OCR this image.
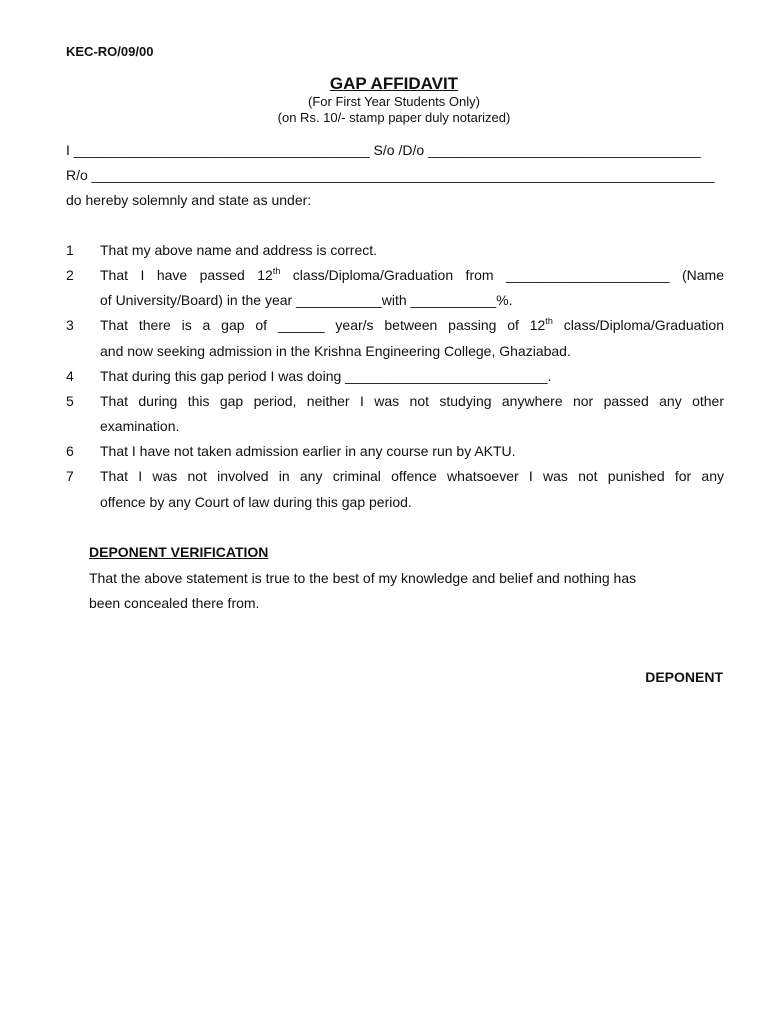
KEC-RO/09/00
GAP AFFIDAVIT
(For First Year Students Only)
(on Rs. 10/- stamp paper duly notarized)
I ______________________________________ S/o /D/o ___________________________________
R/o ________________________________________________________________________________
do hereby solemnly and state as under:
1 That my above name and address is correct.
2 That I have passed 12th class/Diploma/Graduation from _____________________ (Name
of University/Board) in the year ___________with ___________%.
3 That there is a gap of ______ year/s between passing of 12th class/Diploma/Graduation
and now seeking admission in the Krishna Engineering College, Ghaziabad.
4 That during this gap period I was doing __________________________.
5 That during this gap period, neither I was not studying anywhere nor passed any other
examination.
6 That I have not taken admission earlier in any course run by AKTU.
7 That I was not involved in any criminal offence whatsoever I was not punished for any
offence by any Court of law during this gap period.
DEPONENT VERIFICATION
That the above statement is true to the best of my knowledge and belief and nothing has
been concealed there from.
DEPONENT
